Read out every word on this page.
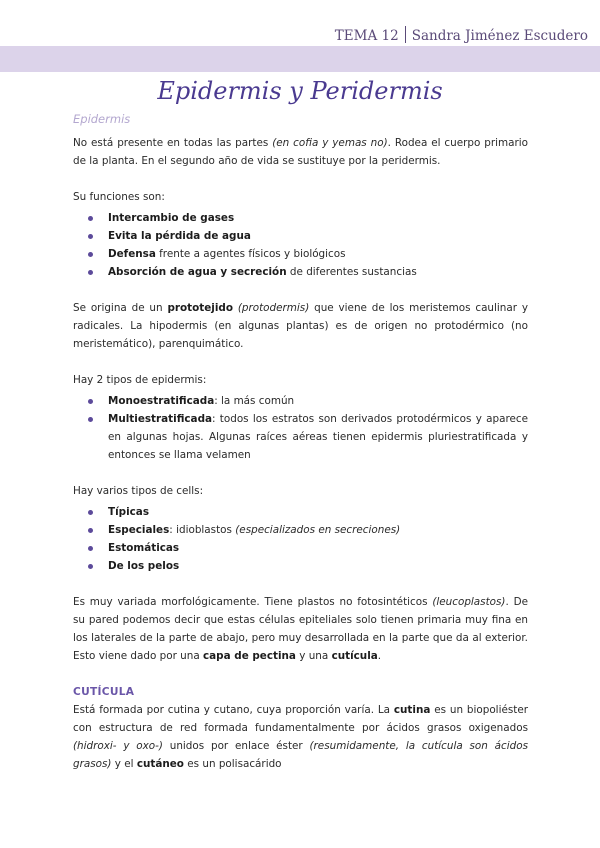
TEMA 12 Sandra Jiménez Escudero
Epidermis y Peridermis
Epidermis

No está presente en todas las partes (en cofia y yemas no). Rodea el cuerpo primario de la planta. En el segundo año de vida se sustituye por la peridermis.

Su funciones son:

Intercambio de gases
Evita la pérdida de agua
Defensa frente a agentes físicos y biológicos
Absorción de agua y secreción de diferentes sustancias

Se origina de un prototejido (protodermis) que viene de los meristemos caulinar y radicales. La hipodermis (en algunas plantas) es de origen no protodérmico (no meristemático), parenquimático.

Hay 2 tipos de epidermis:

Monoestratificada: la más común
Multiestratificada: todos los estratos son derivados protodérmicos y aparece en algunas hojas. Algunas raíces aéreas tienen epidermis pluriestratificada y entonces se llama velamen

Hay varios tipos de cells:

Típicas
Especiales: idioblastos (especializados en secreciones)
Estomáticas
De los pelos

Es muy variada morfológicamente. Tiene plastos no fotosintéticos (leucoplastos). De su pared podemos decir que estas células epiteliales solo tienen primaria muy fina en los laterales de la parte de abajo, pero muy desarrollada en la parte que da al exterior. Esto viene dado por una capa de pectina y una cutícula.

CUTÍCULA

Está formada por cutina y cutano, cuya proporción varía. La cutina es un biopoliéster con estructura de red formada fundamentalmente por ácidos grasos oxigenados (hidroxi- y oxo-) unidos por enlace éster (resumidamente, la cutícula son ácidos grasos) y el cutáneo es un polisacárido
